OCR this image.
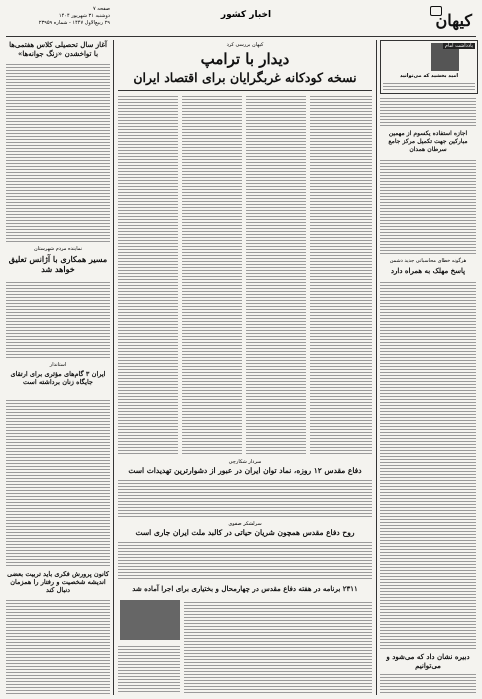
کیهان
اخبار کشور
صفحه ۷
دوشنبه ۳۱ شهریور ۱۴۰۴
۲۹ ربیع‌الاول ۱۴۴۷ - شماره ۲۳۹۵۹
یادداشت امام
امید بخشید که می‌توانید
اجازه استفاده یکسوم از مهمین مبارکین جهت تکمیل مرکز جامع سرطان همدان
هرگونه خطای محاسباتی جدید دشمن
پاسخ مهلک به همراه دارد
دبیره نشان داد که می‌شود و می‌توانیم
آغاز سال تحصیلی کلاس هفتمی‌ها با تواخشدن «زنگ جوانه‌ها»
نماینده مردم شهرستان
مسیر همکاری با آژانس تعلیق خواهد شد
استاندار
ایران ۳ گام‌های مؤثری برای ارتقای جایگاه زنان برداشته است
کانون پرورش فکری باید تربیت بعضی اندیشه شخصیت و رفتار را همزمان دنبال کند
کیهان بررسی کرد
دیدار با ترامپ
نسخه کودکانه غربگرایان برای اقتصاد ایران
سردار شکارچی
دفاع مقدس ۱۲ روزه، نماد توان ایران در عبور از دشوارترین تهدیدات است
سرلشکر صفوی
روح دفاع مقدس همچون شریان حیاتی در کالبد ملت ایران جاری است
۲۳۱۱ برنامه در هفته دفاع مقدس در چهارمحال و بختیاری برای اجرا آماده شد
